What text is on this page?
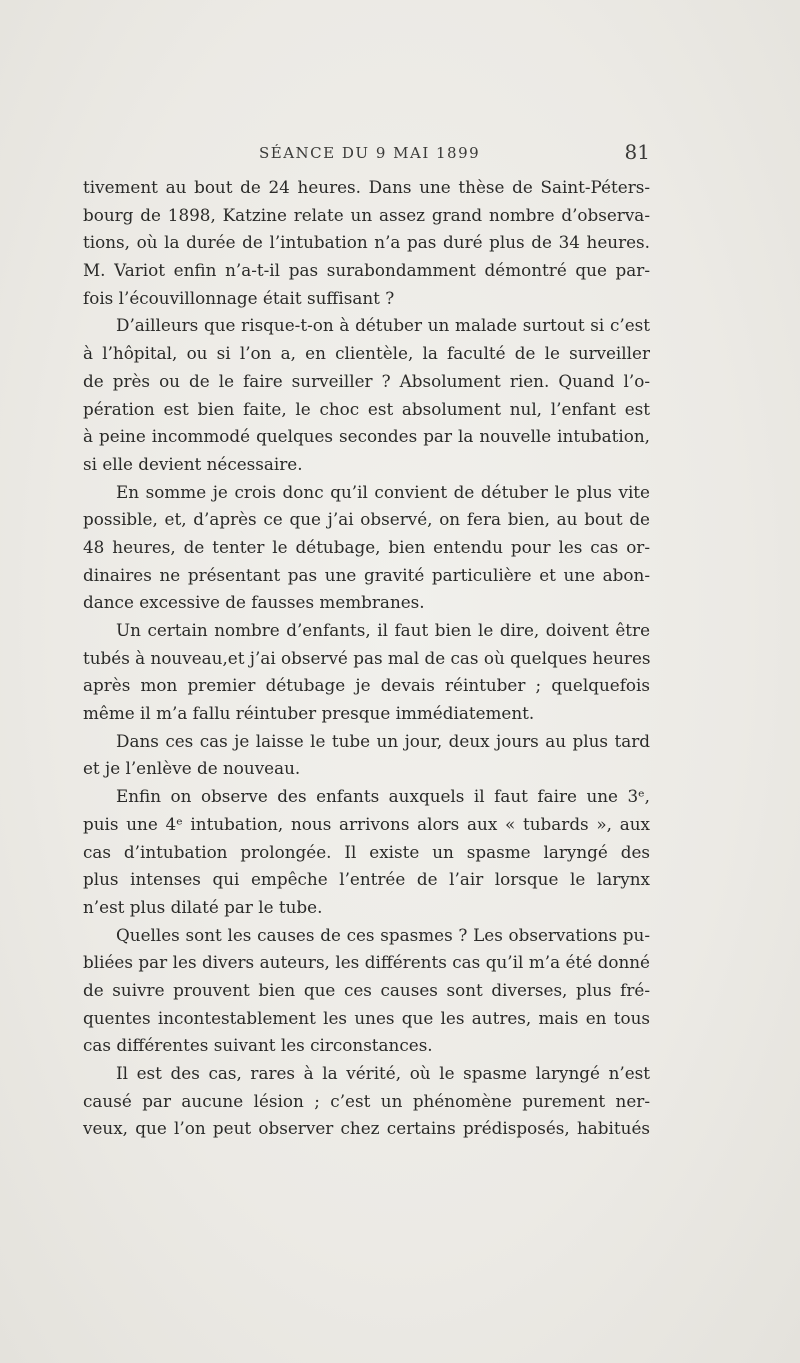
SÉANCE DU 9 MAI 1899	81
tivement au bout de 24 heures. Dans une thèse de Saint-Péters-
bourg de 1898, Katzine relate un assez grand nombre d’observa-
tions, où la durée de l’intubation n’a pas duré plus de 34 heures.
M. Variot enfin n’a-t-il pas surabondamment démontré que par-
fois l’écouvillonnage était suffisant ?
D’ailleurs que risque-t-on à détuber un malade surtout si c’est
à l’hôpital, ou si l’on a, en clientèle, la faculté de le surveiller
de près ou de le faire surveiller ? Absolument rien. Quand l’o-
pération est bien faite, le choc est absolument nul, l’enfant est
à peine incommodé quelques secondes par la nouvelle intubation,
si elle devient nécessaire.
En somme je crois donc qu’il convient de détuber le plus vite
possible, et, d’après ce que j’ai observé, on fera bien, au bout de
48 heures, de tenter le détubage, bien entendu pour les cas or-
dinaires ne présentant pas une gravité particulière et une abon-
dance excessive de fausses membranes.
Un certain nombre d’enfants, il faut bien le dire, doivent être
tubés à nouveau,et j’ai observé pas mal de cas où quelques heures
après mon premier détubage je devais réintuber ; quelquefois
même il m’a fallu réintuber presque immédiatement.
Dans ces cas je laisse le tube un jour, deux jours au plus tard
et je l’enlève de nouveau.
Enfin on observe des enfants auxquels il faut faire une 3ᵉ,
puis une 4ᵉ intubation, nous arrivons alors aux « tubards », aux
cas d’intubation prolongée. Il existe un spasme laryngé des
plus intenses qui empêche l’entrée de l’air lorsque le larynx
n’est plus dilaté par le tube.
Quelles sont les causes de ces spasmes ? Les observations pu-
bliées par les divers auteurs, les différents cas qu’il m’a été donné
de suivre prouvent bien que ces causes sont diverses, plus fré-
quentes incontestablement les unes que les autres, mais en tous
cas différentes suivant les circonstances.
Il est des cas, rares à la vérité, où le spasme laryngé n’est
causé par aucune lésion ; c’est un phénomène purement ner-
veux, que l’on peut observer chez certains prédisposés, habitués
